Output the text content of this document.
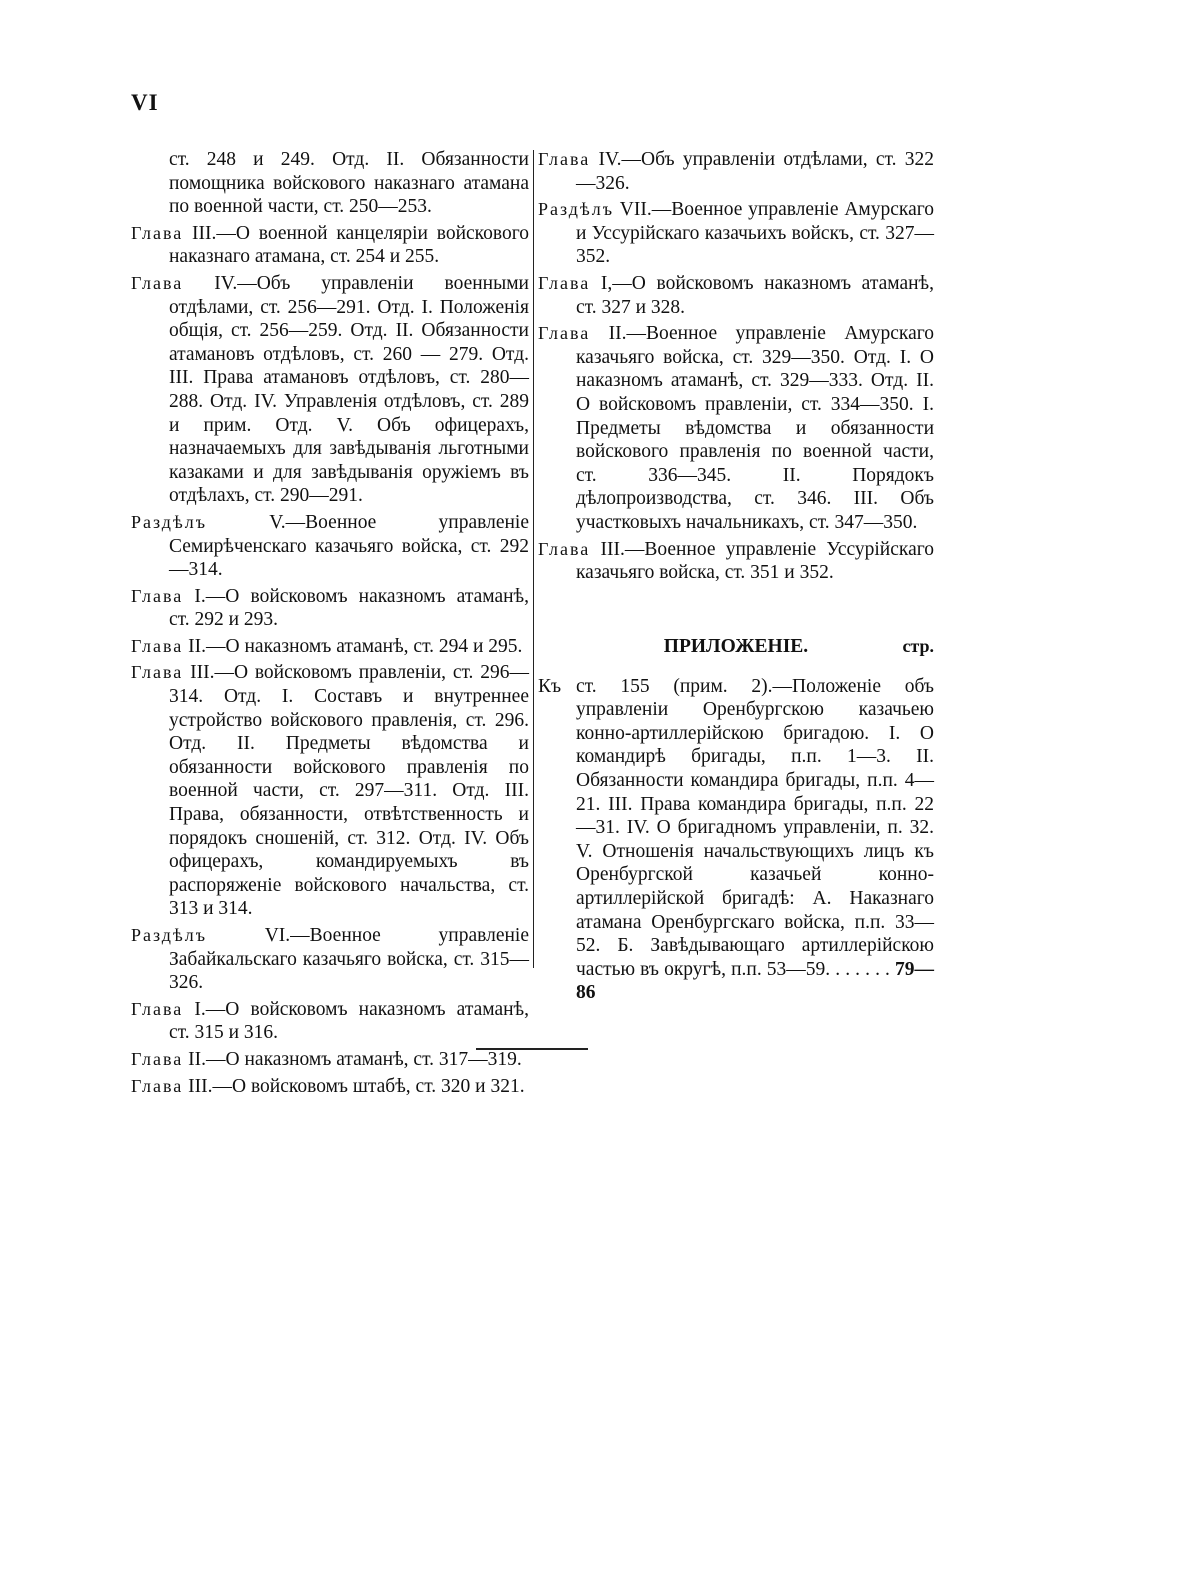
VI

ст. 248 и 249. Отд. II. Обязанности помощника войскового наказнаго атамана по военной части, ст. 250—253.

Глава III.—О военной канцеляріи войскового наказнаго атамана, ст. 254 и 255.

Глава IV.—Объ управленіи военными отдѣлами, ст. 256—291. Отд. I. Положенія общія, ст. 256—259. Отд. II. Обязанности атамановъ отдѣловъ, ст. 260 — 279. Отд. III. Права атамановъ отдѣловъ, ст. 280—288. Отд. IV. Управленія отдѣловъ, ст. 289 и прим. Отд. V. Объ офицерахъ, назначаемыхъ для завѣдыванія льготными казаками и для завѣдыванія оружіемъ въ отдѣлахъ, ст. 290—291.

Раздѣлъ V.—Военное управленіе Семирѣченскаго казачьяго войска, ст. 292—314.

Глава I.—О войсковомъ наказномъ атаманѣ, ст. 292 и 293.

Глава II.—О наказномъ атаманѣ, ст. 294 и 295.

Глава III.—О войсковомъ правленіи, ст. 296—314. Отд. I. Составъ и внутреннее устройство войскового правленія, ст. 296. Отд. II. Предметы вѣдомства и обязанности войскового правленія по военной части, ст. 297—311. Отд. III. Права, обязанности, отвѣтственность и порядокъ сношеній, ст. 312. Отд. IV. Объ офицерахъ, командируемыхъ въ распоряженіе войскового начальства, ст. 313 и 314.

Раздѣлъ VI.—Военное управленіе Забайкальскаго казачьяго войска, ст. 315—326.

Глава I.—О войсковомъ наказномъ атаманѣ, ст. 315 и 316.

Глава II.—О наказномъ атаманѣ, ст. 317—319.

Глава III.—О войсковомъ штабѣ, ст. 320 и 321.

Глава IV.—Объ управленіи отдѣлами, ст. 322—326.

Раздѣлъ VII.—Военное управленіе Амурскаго и Уссурійскаго казачьихъ войскъ, ст. 327—352.

Глава I,—О войсковомъ наказномъ атаманѣ, ст. 327 и 328.

Глава II.—Военное управленіе Амурскаго казачьяго войска, ст. 329—350. Отд. I. О наказномъ атаманѣ, ст. 329—333. Отд. II. О войсковомъ правленіи, ст. 334—350. I. Предметы вѣдомства и обязанности войскового правленія по военной части, ст. 336—345. II. Порядокъ дѣлопроизводства, ст. 346. III. Объ участковыхъ начальникахъ, ст. 347—350.

Глава III.—Военное управленіе Уссурійскаго казачьяго войска, ст. 351 и 352.

ПРИЛОЖЕНІЕ.	стр.
Къ ст. 155 (прим. 2).—Положеніе объ управленіи Оренбургскою казачьею конно-артиллерійскою бригадою. I. О командирѣ бригады, п.п. 1—3. II. Обязанности командира бригады, п.п. 4—21. III. Права командира бригады, п.п. 22—31. IV. О бригадномъ управленіи, п. 32. V. Отношенія начальствующихъ лицъ къ Оренбургской казачьей конно-артиллерійской бригадѣ: А. Наказнаго атамана Оренбургскаго войска, п.п. 33—52. Б. Завѣдывающаго артиллерійскою частью въ округѣ, п.п. 53—59. . . . . . . 79—86
